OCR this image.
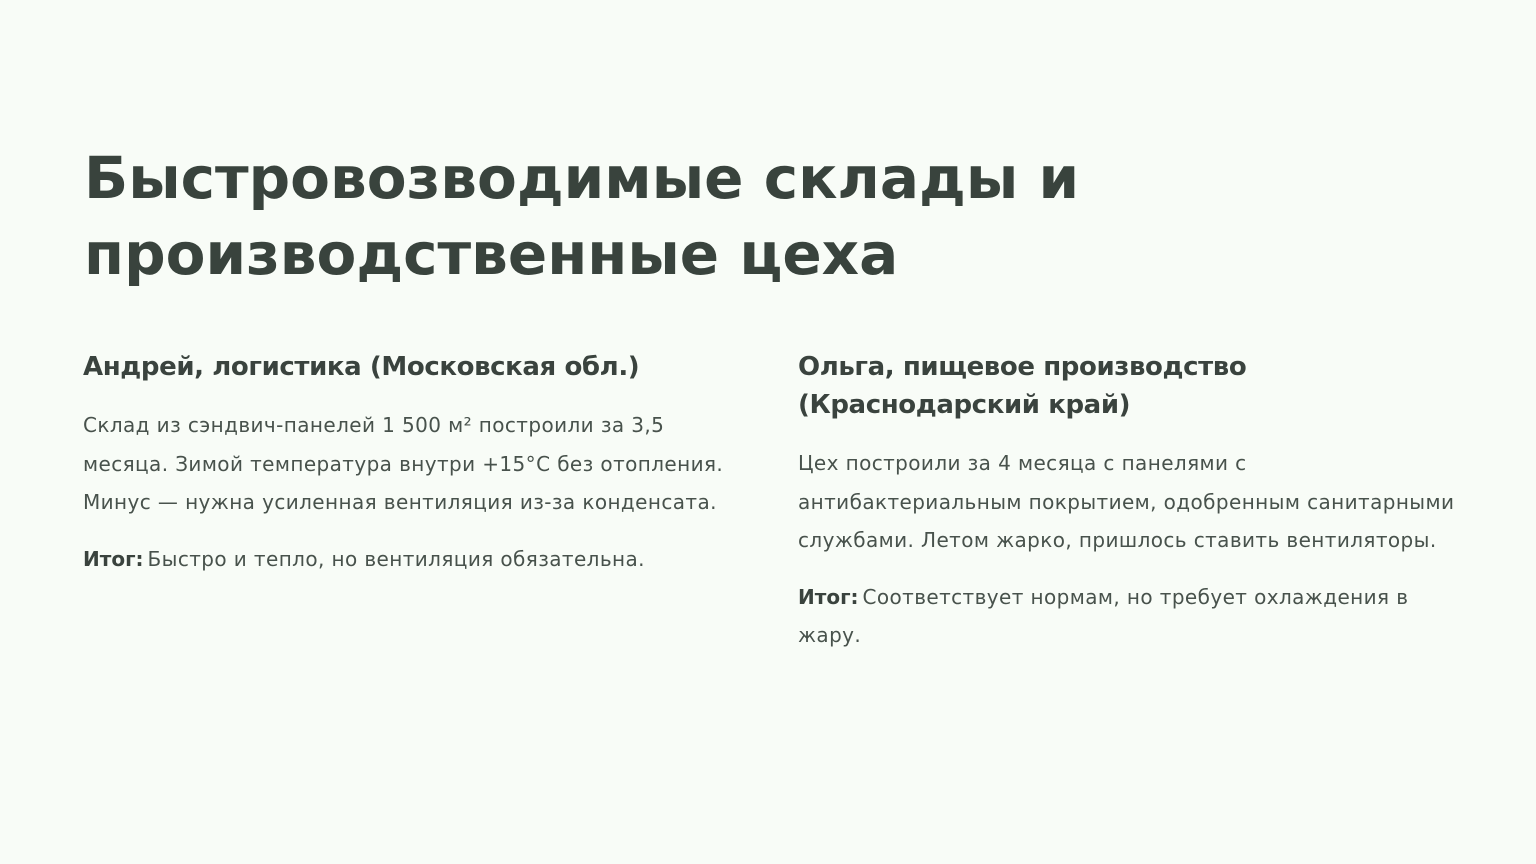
Быстровозводимые склады и производственные цеха
Андрей, логистика (Московская обл.)

Склад из сэндвич-панелей 1 500 м² построили за 3,5 месяца. Зимой температура внутри +15°C без отопления. Минус — нужна усиленная вентиляция из-за конденсата.

Итог: Быстро и тепло, но вентиляция обязательна.

Ольга, пищевое производство (Краснодарский край)

Цех построили за 4 месяца с панелями с антибактериальным покрытием, одобренным санитарными службами. Летом жарко, пришлось ставить вентиляторы.

Итог: Соответствует нормам, но требует охлаждения в жару.
